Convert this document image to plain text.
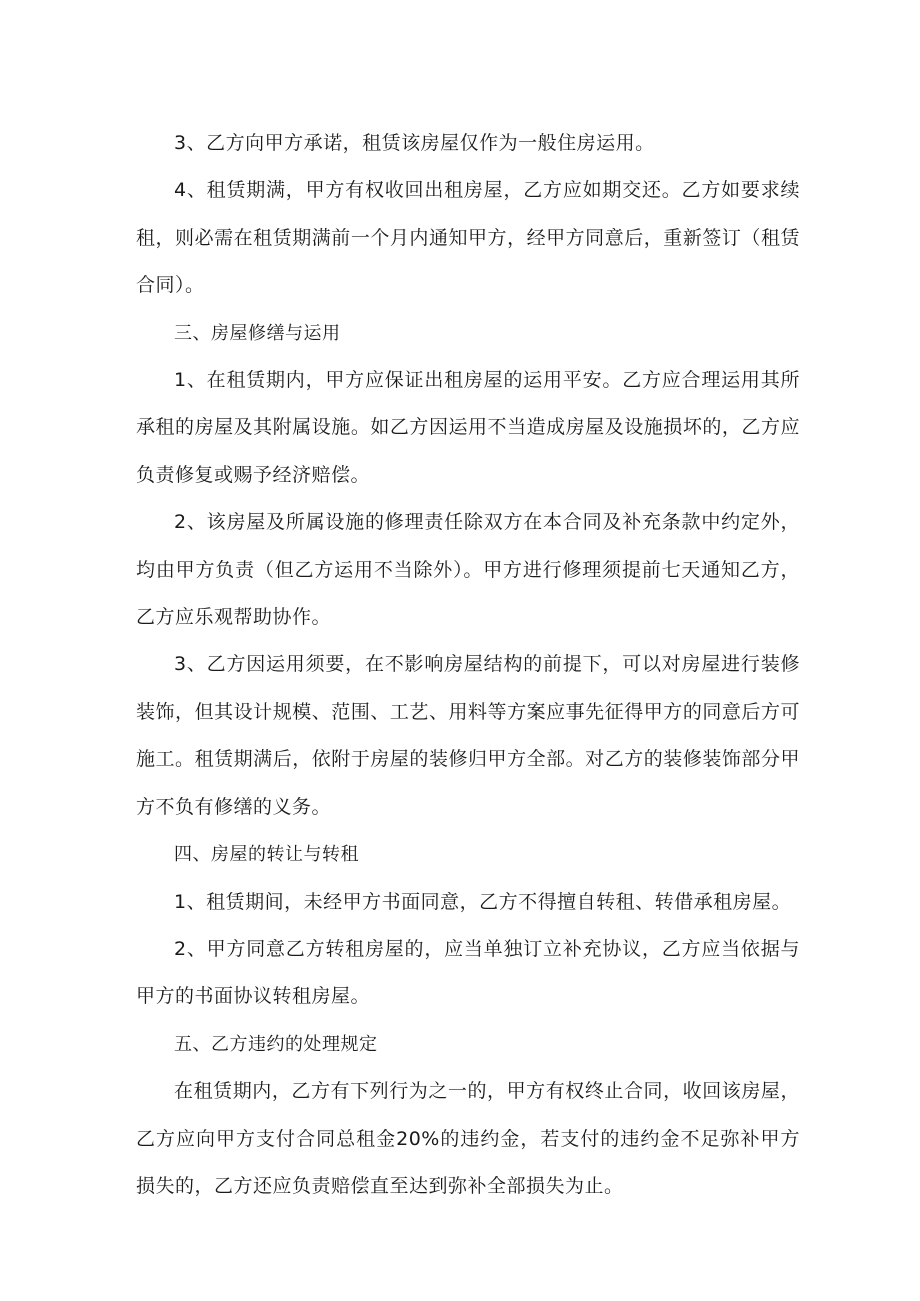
3、乙方向甲方承诺，租赁该房屋仅作为一般住房运用。

4、租赁期满，甲方有权收回出租房屋，乙方应如期交还。乙方如要求续租，则必需在租赁期满前一个月内通知甲方，经甲方同意后，重新签订（租赁合同）。

三、房屋修缮与运用

1、在租赁期内，甲方应保证出租房屋的运用平安。乙方应合理运用其所承租的房屋及其附属设施。如乙方因运用不当造成房屋及设施损坏的，乙方应负责修复或赐予经济赔偿。

2、该房屋及所属设施的修理责任除双方在本合同及补充条款中约定外，均由甲方负责（但乙方运用不当除外）。甲方进行修理须提前七天通知乙方，乙方应乐观帮助协作。

3、乙方因运用须要，在不影响房屋结构的前提下，可以对房屋进行装修装饰，但其设计规模、范围、工艺、用料等方案应事先征得甲方的同意后方可施工。租赁期满后，依附于房屋的装修归甲方全部。对乙方的装修装饰部分甲方不负有修缮的义务。

四、房屋的转让与转租

1、租赁期间，未经甲方书面同意，乙方不得擅自转租、转借承租房屋。

2、甲方同意乙方转租房屋的，应当单独订立补充协议，乙方应当依据与甲方的书面协议转租房屋。

五、乙方违约的处理规定

在租赁期内，乙方有下列行为之一的，甲方有权终止合同，收回该房屋，乙方应向甲方支付合同总租金20%的违约金，若支付的违约金不足弥补甲方损失的，乙方还应负责赔偿直至达到弥补全部损失为止。
